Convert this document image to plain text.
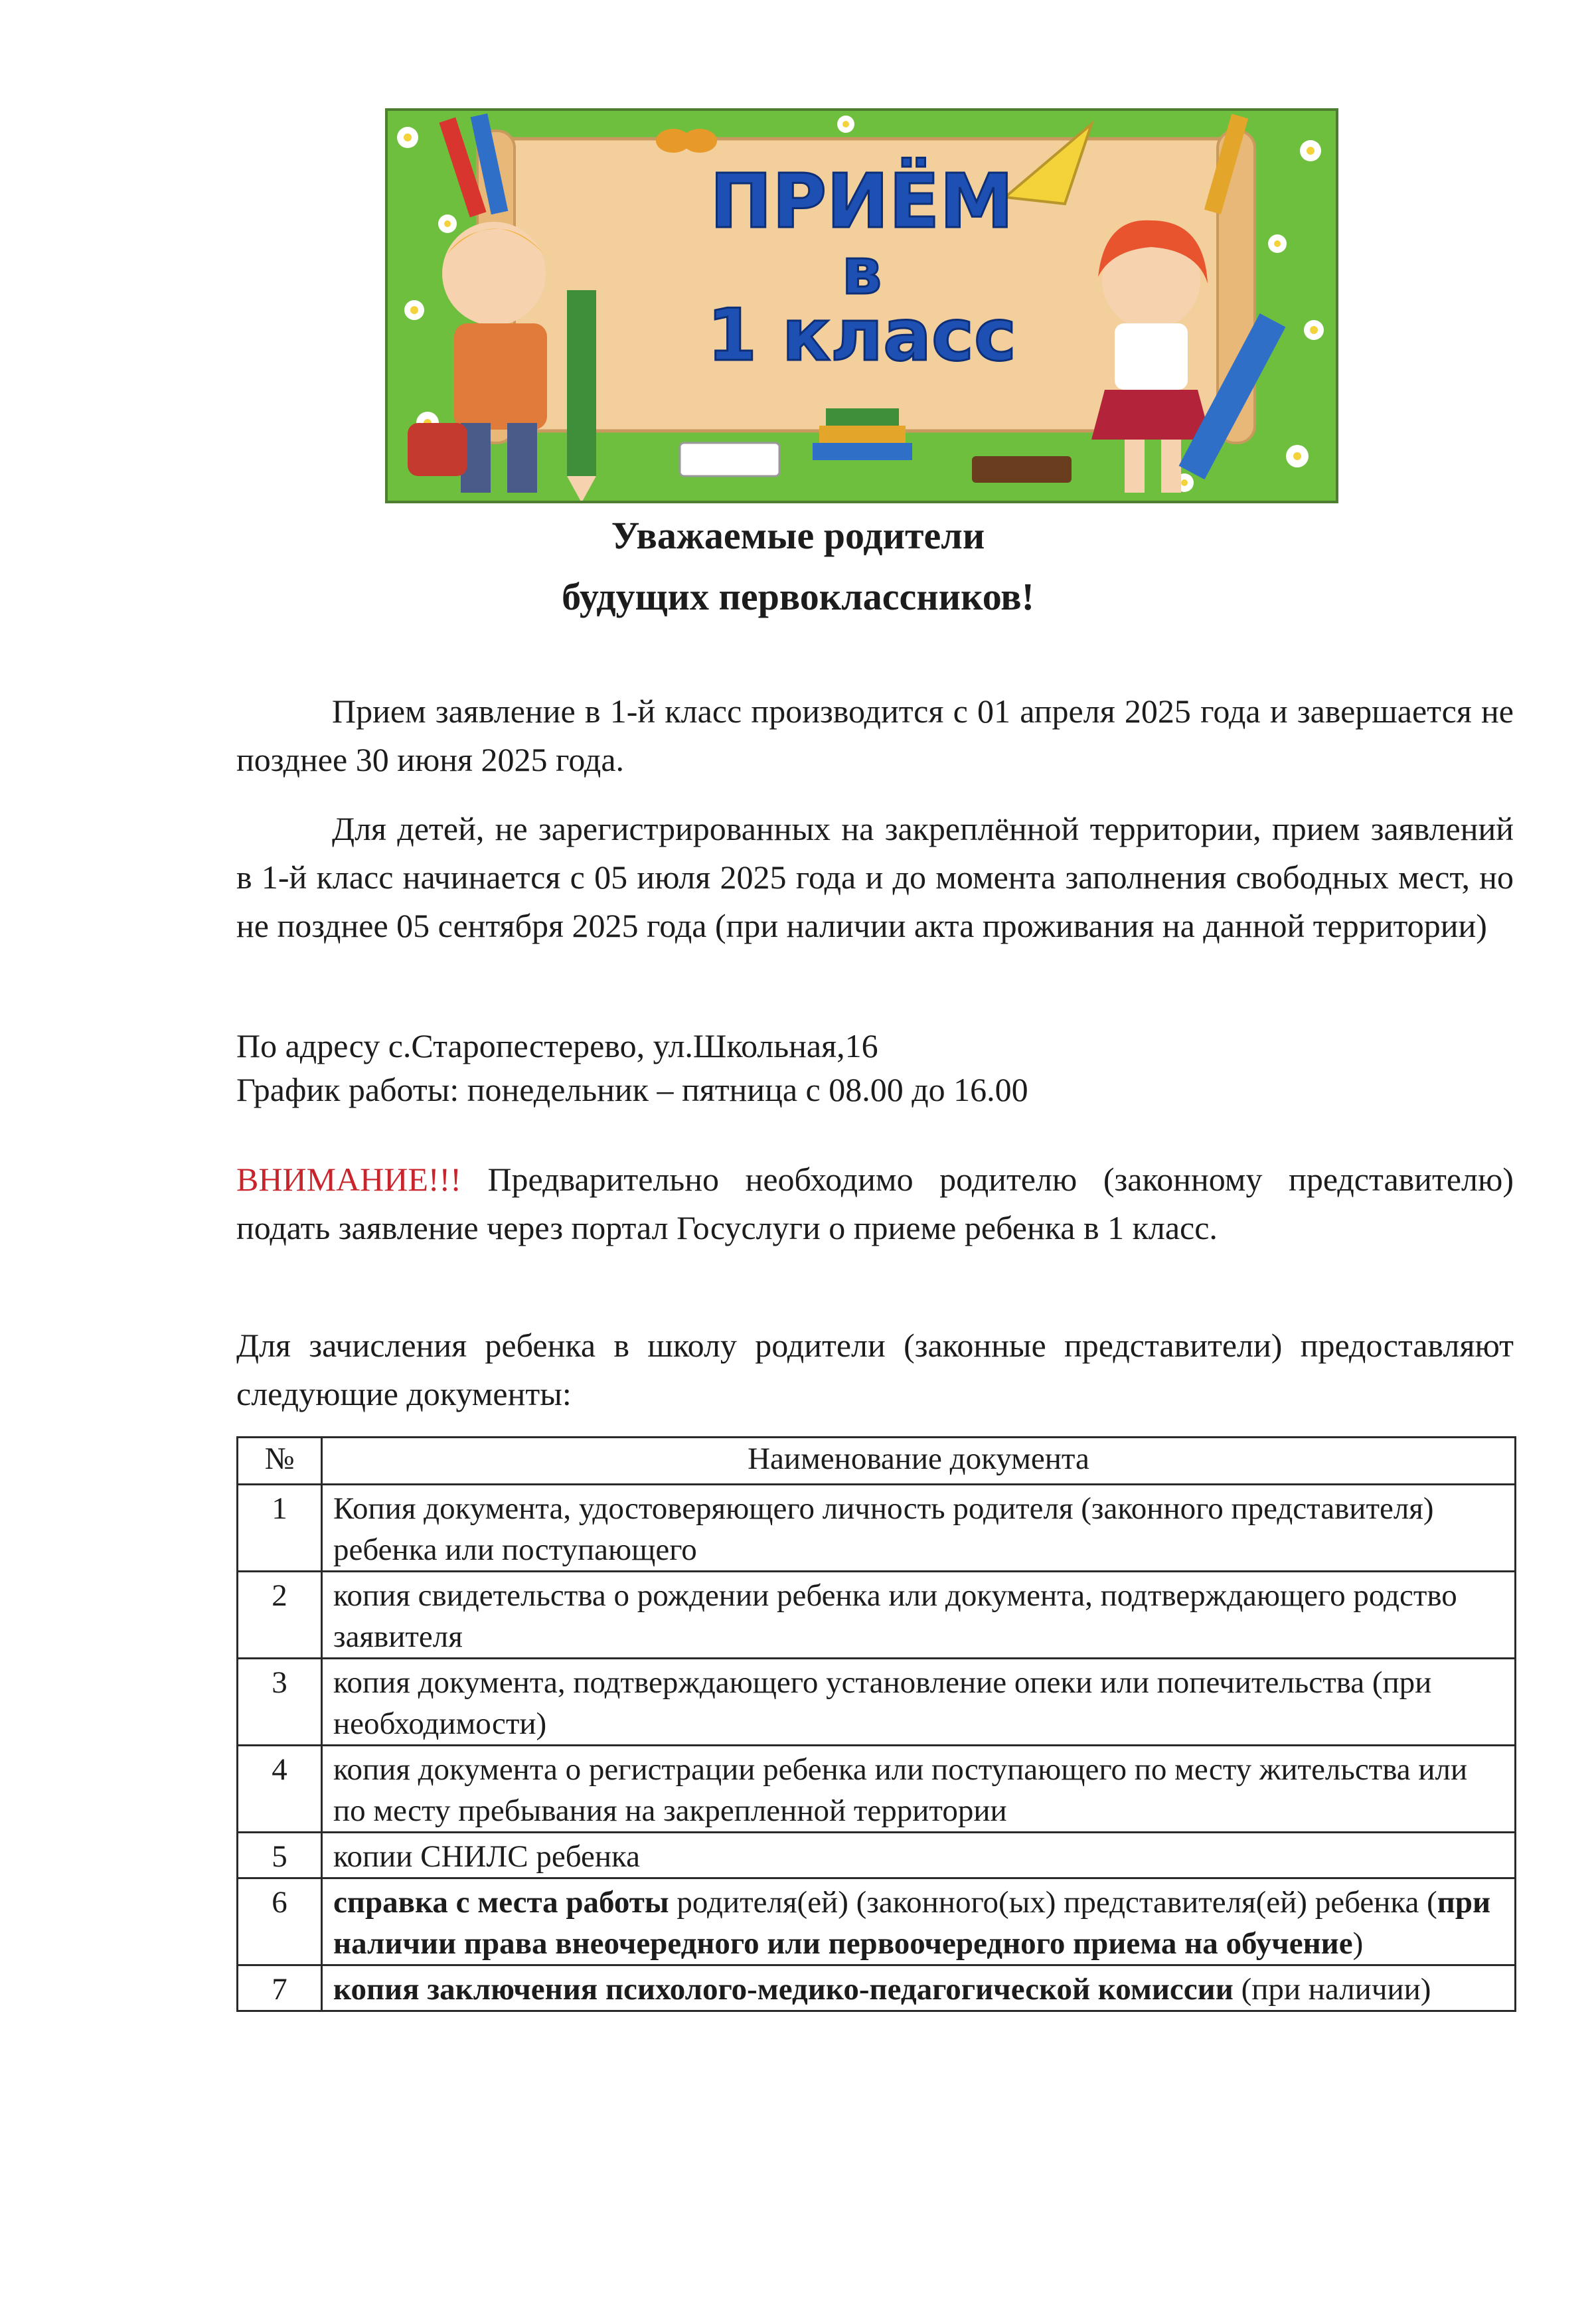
ПРИЁМ
в
1 класс
Уважаемые родители
будущих первоклассников!

Прием заявление в 1-й класс производится с 01 апреля 2025 года и завершается не позднее 30 июня 2025 года.

Для детей, не зарегистрированных на закреплённой территории, прием заявлений в 1-й класс начинается с 05 июля 2025 года и до момента заполнения свободных мест, но не позднее 05 сентября 2025 года (при наличии акта проживания на данной территории)

По адресу с.Старопестерево, ул.Школьная,16
График работы: понедельник – пятница с 08.00 до 16.00

ВНИМАНИЕ!!! Предварительно необходимо родителю (законному представителю) подать заявление через портал Госуслуги о приеме ребенка в 1 класс.

Для зачисления ребенка в школу родители (законные представители) предоставляют следующие документы:

№	Наименование документа
1	Копия документа, удостоверяющего личность родителя (законного представителя) ребенка или поступающего
2	копия свидетельства о рождении ребенка или документа, подтверждающего родство заявителя
3	копия документа, подтверждающего установление опеки или попечительства (при необходимости)
4	копия документа о регистрации ребенка или поступающего по месту жительства или по месту пребывания на закрепленной территории
5	копии СНИЛС ребенка
6	справка с места работы родителя(ей) (законного(ых) представителя(ей) ребенка (при наличии права внеочередного или первоочередного приема на обучение)
7	копия заключения психолого-медико-педагогической комиссии (при наличии)
